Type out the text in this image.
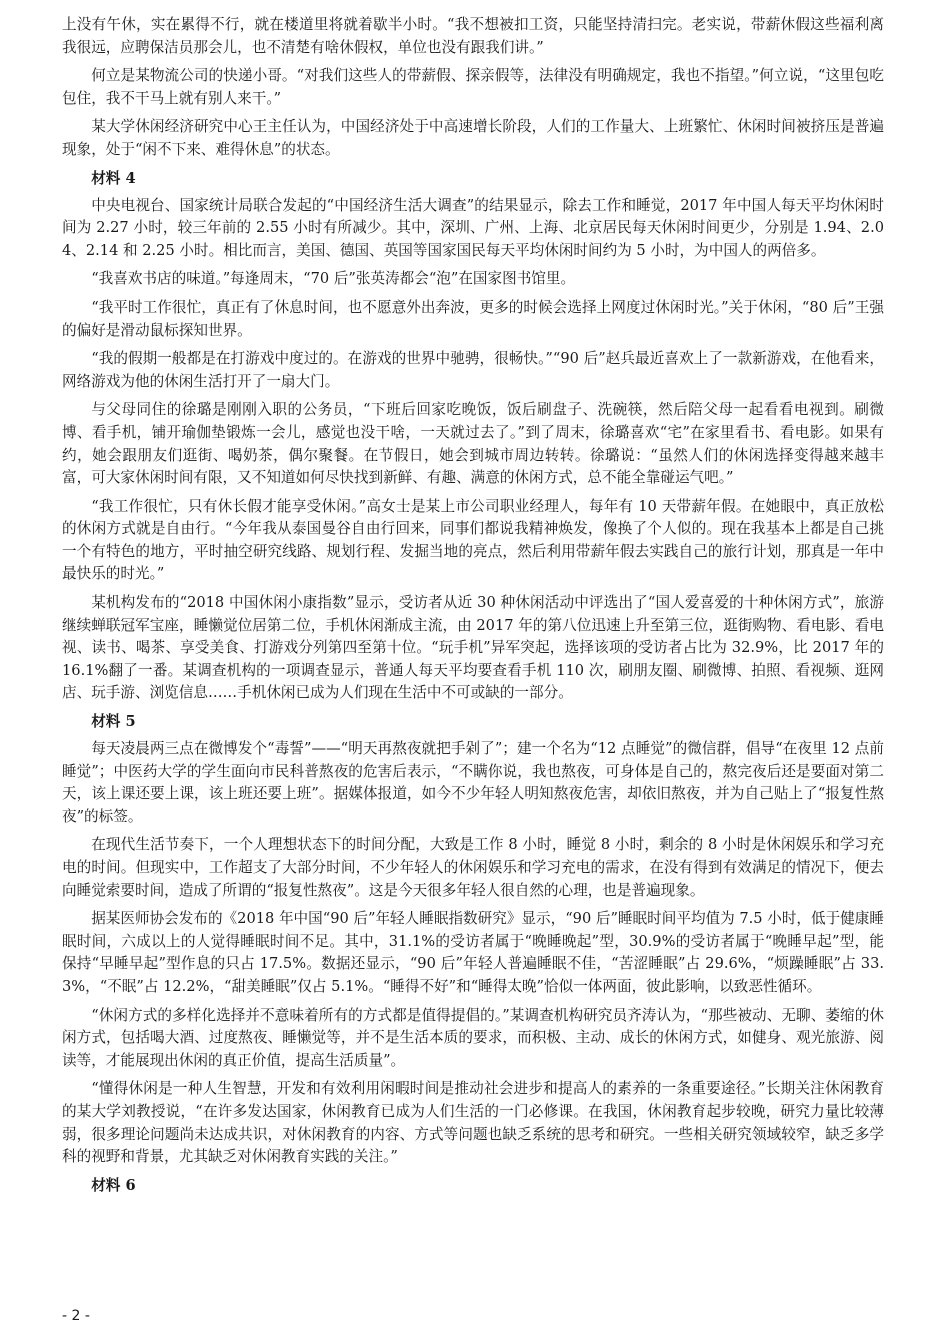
上没有午休，实在累得不行，就在楼道里将就着歇半小时。“我不想被扣工资，只能坚持清扫完。老实说，带薪休假这些福利离我很远，应聘保洁员那会儿，也不清楚有啥休假权，单位也没有跟我们讲。”

何立是某物流公司的快递小哥。“对我们这些人的带薪假、探亲假等，法律没有明确规定，我也不指望。”何立说，“这里包吃包住，我不干马上就有别人来干。”

某大学休闲经济研究中心王主任认为，中国经济处于中高速增长阶段，人们的工作量大、上班繁忙、休闲时间被挤压是普遍现象，处于“闲不下来、难得休息”的状态。

材料 4

中央电视台、国家统计局联合发起的“中国经济生活大调查”的结果显示，除去工作和睡觉，2017 年中国人每天平均休闲时间为 2.27 小时，较三年前的 2.55 小时有所减少。其中，深圳、广州、上海、北京居民每天休闲时间更少，分别是 1.94、2.04、2.14 和 2.25 小时。相比而言，美国、德国、英国等国家国民每天平均休闲时间约为 5 小时，为中国人的两倍多。

“我喜欢书店的味道。”每逢周末，“70 后”张英涛都会“泡”在国家图书馆里。

“我平时工作很忙，真正有了休息时间，也不愿意外出奔波，更多的时候会选择上网度过休闲时光。”关于休闲，“80 后”王强的偏好是滑动鼠标探知世界。

“我的假期一般都是在打游戏中度过的。在游戏的世界中驰骋，很畅快。”“90 后”赵兵最近喜欢上了一款新游戏，在他看来，网络游戏为他的休闲生活打开了一扇大门。

与父母同住的徐璐是刚刚入职的公务员，“下班后回家吃晚饭，饭后刷盘子、洗碗筷，然后陪父母一起看看电视到。刷微博、看手机，铺开瑜伽垫锻炼一会儿，感觉也没干啥，一天就过去了。”到了周末，徐璐喜欢“宅”在家里看书、看电影。如果有约，她会跟朋友们逛街、喝奶茶，偶尔聚餐。在节假日，她会到城市周边转转。徐璐说：“虽然人们的休闲选择变得越来越丰富，可大家休闲时间有限，又不知道如何尽快找到新鲜、有趣、满意的休闲方式，总不能全靠碰运气吧。”

“我工作很忙，只有休长假才能享受休闲。”高女士是某上市公司职业经理人，每年有 10 天带薪年假。在她眼中，真正放松的休闲方式就是自由行。“今年我从泰国曼谷自由行回来，同事们都说我精神焕发，像换了个人似的。现在我基本上都是自己挑一个有特色的地方，平时抽空研究线路、规划行程、发掘当地的亮点，然后利用带薪年假去实践自己的旅行计划，那真是一年中最快乐的时光。”

某机构发布的“2018 中国休闲小康指数”显示，受访者从近 30 种休闲活动中评选出了“国人爱喜爱的十种休闲方式”，旅游继续蝉联冠军宝座，睡懒觉位居第二位，手机休闲渐成主流，由 2017 年的第八位迅速上升至第三位，逛街购物、看电影、看电视、读书、喝茶、享受美食、打游戏分列第四至第十位。“玩手机”异军突起，选择该项的受访者占比为 32.9%，比 2017 年的 16.1%翻了一番。某调查机构的一项调查显示，普通人每天平均要查看手机 110 次，刷朋友圈、刷微博、拍照、看视频、逛网店、玩手游、浏览信息……手机休闲已成为人们现在生活中不可或缺的一部分。

材料 5

每天凌晨两三点在微博发个“毒誓”——“明天再熬夜就把手剁了”；建一个名为“12 点睡觉”的微信群，倡导“在夜里 12 点前睡觉”；中医药大学的学生面向市民科普熬夜的危害后表示，“不瞒你说，我也熬夜，可身体是自己的，熬完夜后还是要面对第二天，该上课还要上课，该上班还要上班”。据媒体报道，如今不少年轻人明知熬夜危害，却依旧熬夜，并为自己贴上了“报复性熬夜”的标签。

在现代生活节奏下，一个人理想状态下的时间分配，大致是工作 8 小时，睡觉 8 小时，剩余的 8 小时是休闲娱乐和学习充电的时间。但现实中，工作超支了大部分时间，不少年轻人的休闲娱乐和学习充电的需求，在没有得到有效满足的情况下，便去向睡觉索要时间，造成了所谓的“报复性熬夜”。这是今天很多年轻人很自然的心理，也是普遍现象。

据某医师协会发布的《2018 年中国“90 后”年轻人睡眠指数研究》显示，“90 后”睡眠时间平均值为 7.5 小时，低于健康睡眠时间，六成以上的人觉得睡眠时间不足。其中，31.1%的受访者属于“晚睡晚起”型，30.9%的受访者属于“晚睡早起”型，能保持“早睡早起”型作息的只占 17.5%。数据还显示，“90 后”年轻人普遍睡眠不佳，“苦涩睡眠”占 29.6%，“烦躁睡眠”占 33.3%，“不眠”占 12.2%，“甜美睡眠”仅占 5.1%。“睡得不好”和“睡得太晚”恰似一体两面，彼此影响，以致恶性循环。

“休闲方式的多样化选择并不意味着所有的方式都是值得提倡的。”某调查机构研究员齐涛认为，“那些被动、无聊、萎缩的休闲方式，包括喝大酒、过度熬夜、睡懒觉等，并不是生活本质的要求，而积极、主动、成长的休闲方式，如健身、观光旅游、阅读等，才能展现出休闲的真正价值，提高生活质量”。

“懂得休闲是一种人生智慧，开发和有效利用闲暇时间是推动社会进步和提高人的素养的一条重要途径。”长期关注休闲教育的某大学刘教授说，“在许多发达国家，休闲教育已成为人们生活的一门必修课。在我国，休闲教育起步较晚，研究力量比较薄弱，很多理论问题尚未达成共识，对休闲教育的内容、方式等问题也缺乏系统的思考和研究。一些相关研究领域较窄，缺乏多学科的视野和背景，尤其缺乏对休闲教育实践的关注。”

材料 6
- 2 -
